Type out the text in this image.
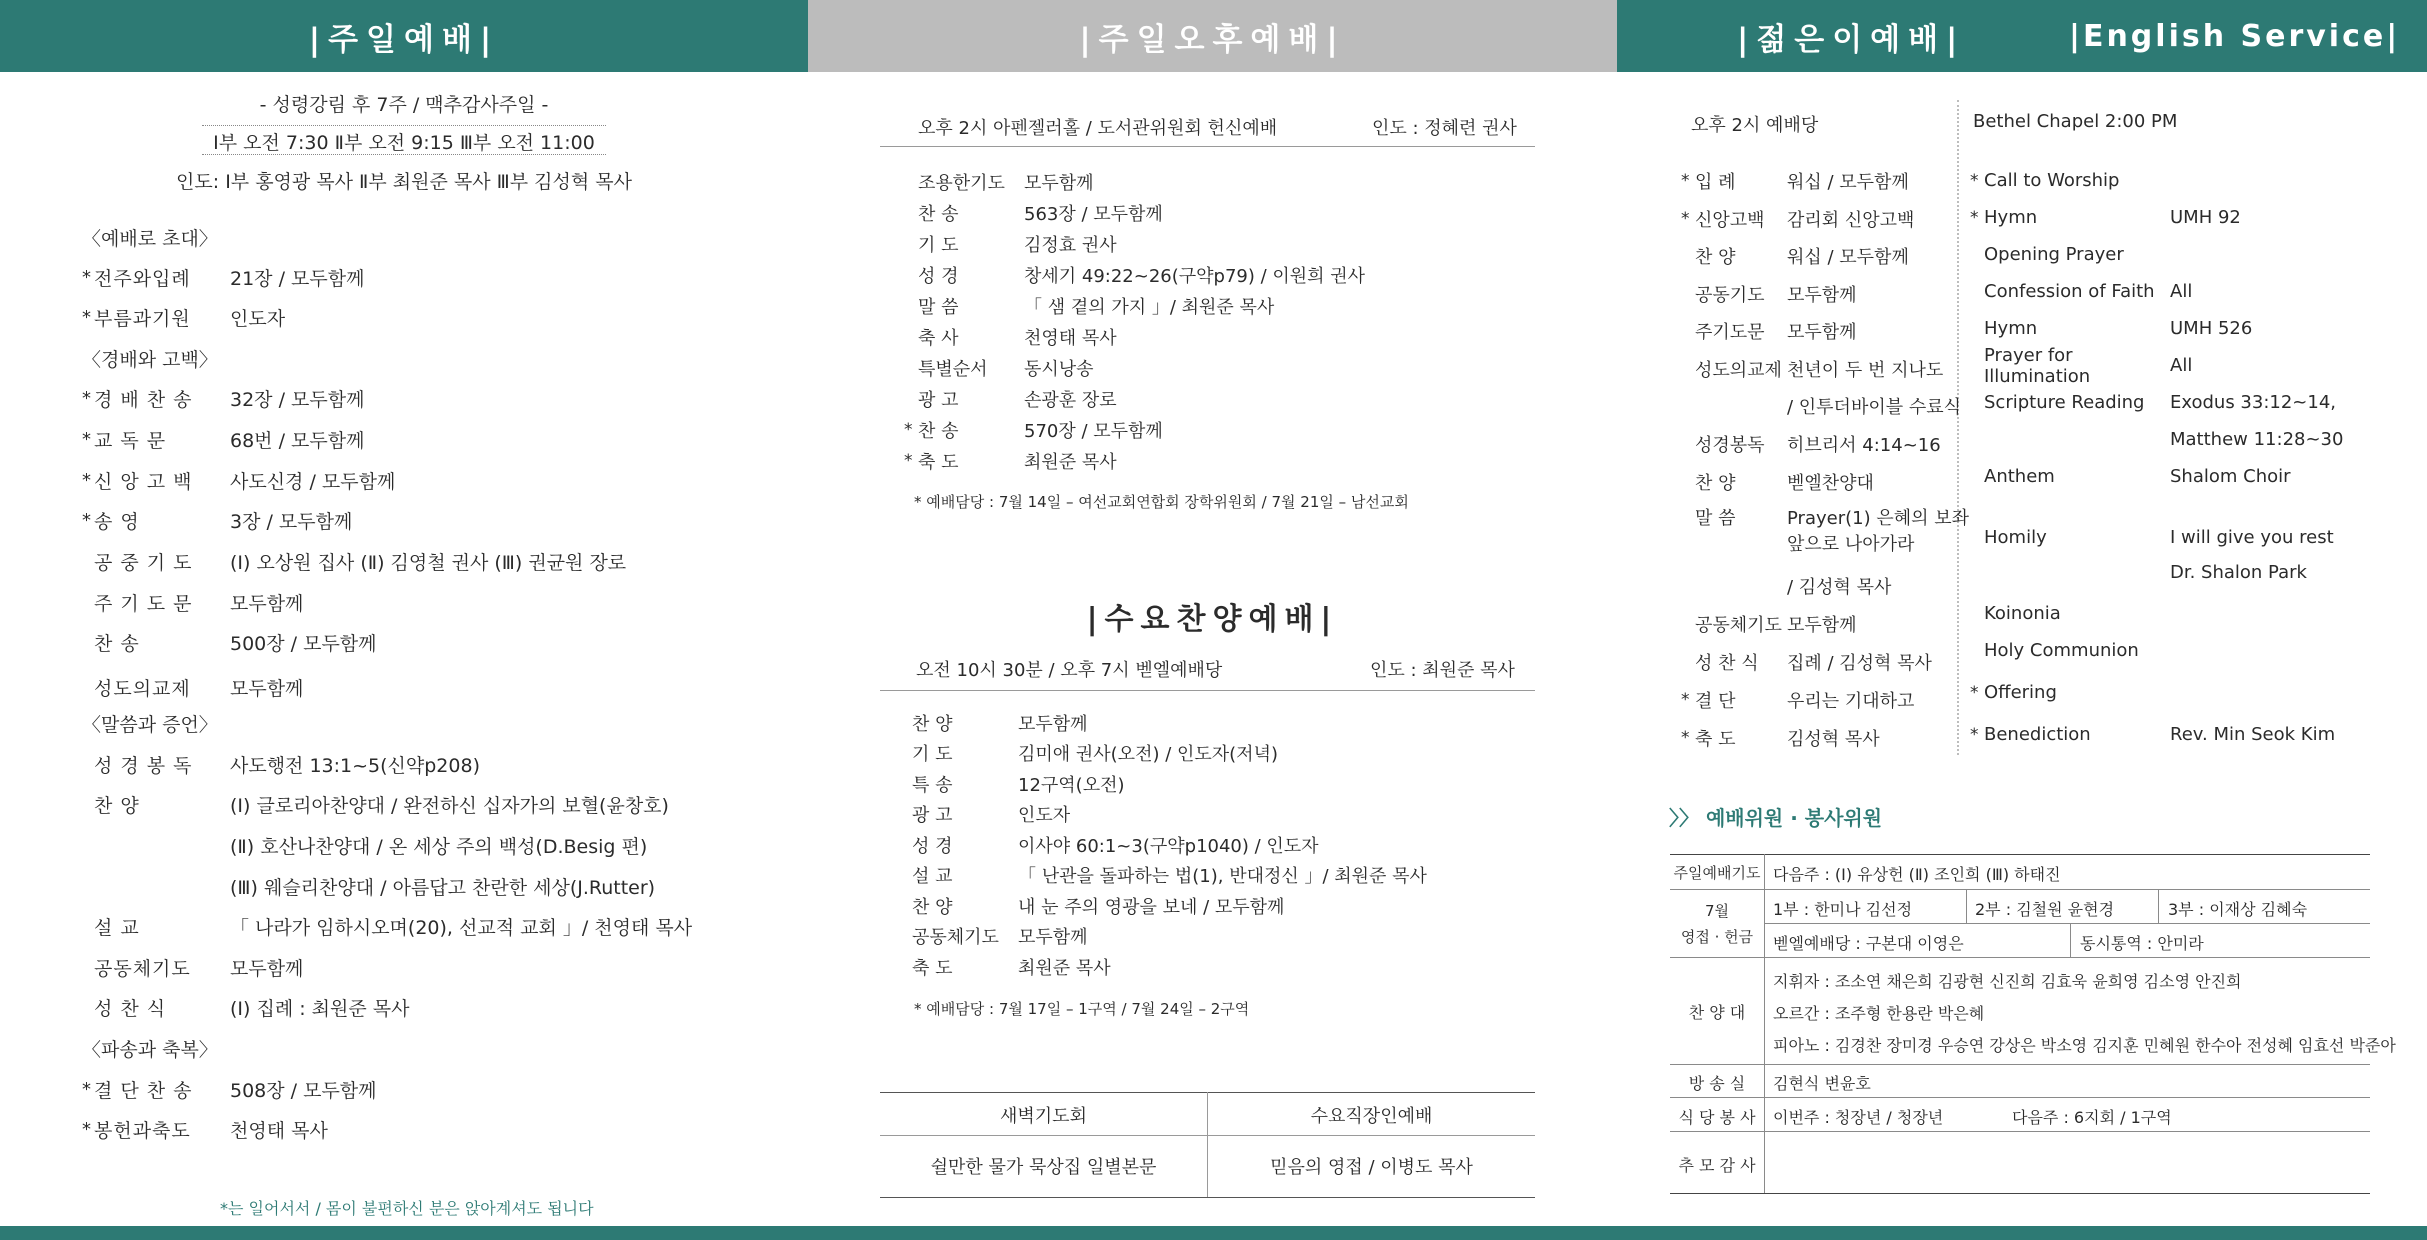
|주일예배|	|주일오후예배|	|젊은이예배|	|English Service|
- 성령강림 후 7주 / 맥추감사주일 -
Ⅰ부 오전 7:30 Ⅱ부 오전 9:15 Ⅲ부 오전 11:00
인도: Ⅰ부 홍영광 목사 Ⅱ부 최원준 목사 Ⅲ부 김성혁 목사
〈예배로 초대〉
〈경배와 고백〉
〈말씀과 증언〉
〈파송과 축복〉
* 전주와입례	21장 / 모두함께
* 부름과기원	인도자
* 경 배 찬 송	32장 / 모두함께
* 교 독 문	68번 / 모두함께
* 신 앙 고 백	사도신경 / 모두함께
* 송 영	3장 / 모두함께
공 중 기 도	(Ⅰ) 오상원 집사 (Ⅱ) 김영철 권사 (Ⅲ) 권균원 장로
주 기 도 문	모두함께
찬 송	500장 / 모두함께
성도의교제	모두함께
성 경 봉 독	사도행전 13:1~5(신약p208)
찬 양	(Ⅰ) 글로리아찬양대 / 완전하신 십자가의 보혈(윤창호)
(Ⅱ) 호산나찬양대 / 온 세상 주의 백성(D.Besig 편)
(Ⅲ) 웨슬리찬양대 / 아름답고 찬란한 세상(J.Rutter)
설 교	「 나라가 임하시오며(20), 선교적 교회 」/ 천영태 목사
공동체기도	모두함께
성 찬 식	(Ⅰ) 집례 : 최원준 목사
* 결 단 찬 송	508장 / 모두함께
* 봉헌과축도	천영태 목사
*는 일어서서 / 몸이 불편하신 분은 앉아계셔도 됩니다
오후 2시 아펜젤러홀 / 도서관위원회 헌신예배	인도 : 정혜련 권사
조용한기도	모두함께
찬 송	563장 / 모두함께
기 도	김정효 권사
성 경	창세기 49:22~26(구약p79) / 이원희 권사
말 씀	「 샘 곁의 가지 」/ 최원준 목사
축 사	천영태 목사
특별순서	동시낭송
광 고	손광훈 장로
* 찬 송	570장 / 모두함께
* 축 도	최원준 목사
* 예배담당 : 7월 14일 – 여선교회연합회 장학위원회 / 7월 21일 – 남선교회
|수요찬양예배|
오전 10시 30분 / 오후 7시 벧엘예배당	인도 : 최원준 목사
찬 양	모두함께
기 도	김미애 권사(오전) / 인도자(저녁)
특 송	12구역(오전)
광 고	인도자
성 경	이사야 60:1~3(구약p1040) / 인도자
설 교	「 난관을 돌파하는 법(1), 반대정신 」/ 최원준 목사
찬 양	내 눈 주의 영광을 보네 / 모두함께
공동체기도	모두함께
축 도	최원준 목사
* 예배담당 : 7월 17일 – 1구역 / 7월 24일 – 2구역
새벽기도회	수요직장인예배
쉴만한 물가 묵상집 일별본문	믿음의 영접 / 이병도 목사
오후 2시 예배당
* 입 례	워십 / 모두함께
* 신앙고백	감리회 신앙고백
찬 양	워십 / 모두함께
공동기도	모두함께
주기도문	모두함께
성도의교제 천년이 두 번 지나도
/ 인투더바이블 수료식
성경봉독	히브리서 4:14~16
찬 양	벧엘찬양대
말 씀	Prayer(1) 은혜의 보좌
앞으로 나아가라
/ 김성혁 목사
공동체기도 모두함께
성 찬 식	집례 / 김성혁 목사
* 결 단	우리는 기대하고
* 축 도	김성혁 목사
Bethel Chapel 2:00 PM
* Call to Worship
* Hymn	UMH 92
Opening Prayer
Confession of Faith All
Hymn	UMH 526
Prayer for Illumination	All
Scripture Reading	Exodus 33:12~14,
Matthew 11:28~30
Anthem	Shalom Choir
Homily	I will give you rest
Dr. Shalon Park
Koinonia
Holy Communion
* Offering
* Benediction	Rev. Min Seok Kim
〉〉 예배위원 · 봉사위원
주일예배기도 다음주 : (Ⅰ) 유상헌 (Ⅱ) 조인희 (Ⅲ) 하태진
7월
영접 · 헌금
1부 : 한미나 김선정	2부 : 김철원 윤현경	3부 : 이재상 김혜숙
벧엘예배당 : 구본대 이영은	동시통역 : 안미라
찬 양 대
지휘자 : 조소연 채은희 김광현 신진희 김효욱 윤희영 김소영 안진희
오르간 : 조주형 한용란 박은혜
피아노 : 김경찬 장미경 우승연 강상은 박소영 김지훈 민혜원 한수아 전성혜 임효선 박준아
방 송 실	김현식 변윤호
식 당 봉 사	이번주 : 청장년 / 청장년	다음주 : 6지회 / 1구역
추 모 감 사
